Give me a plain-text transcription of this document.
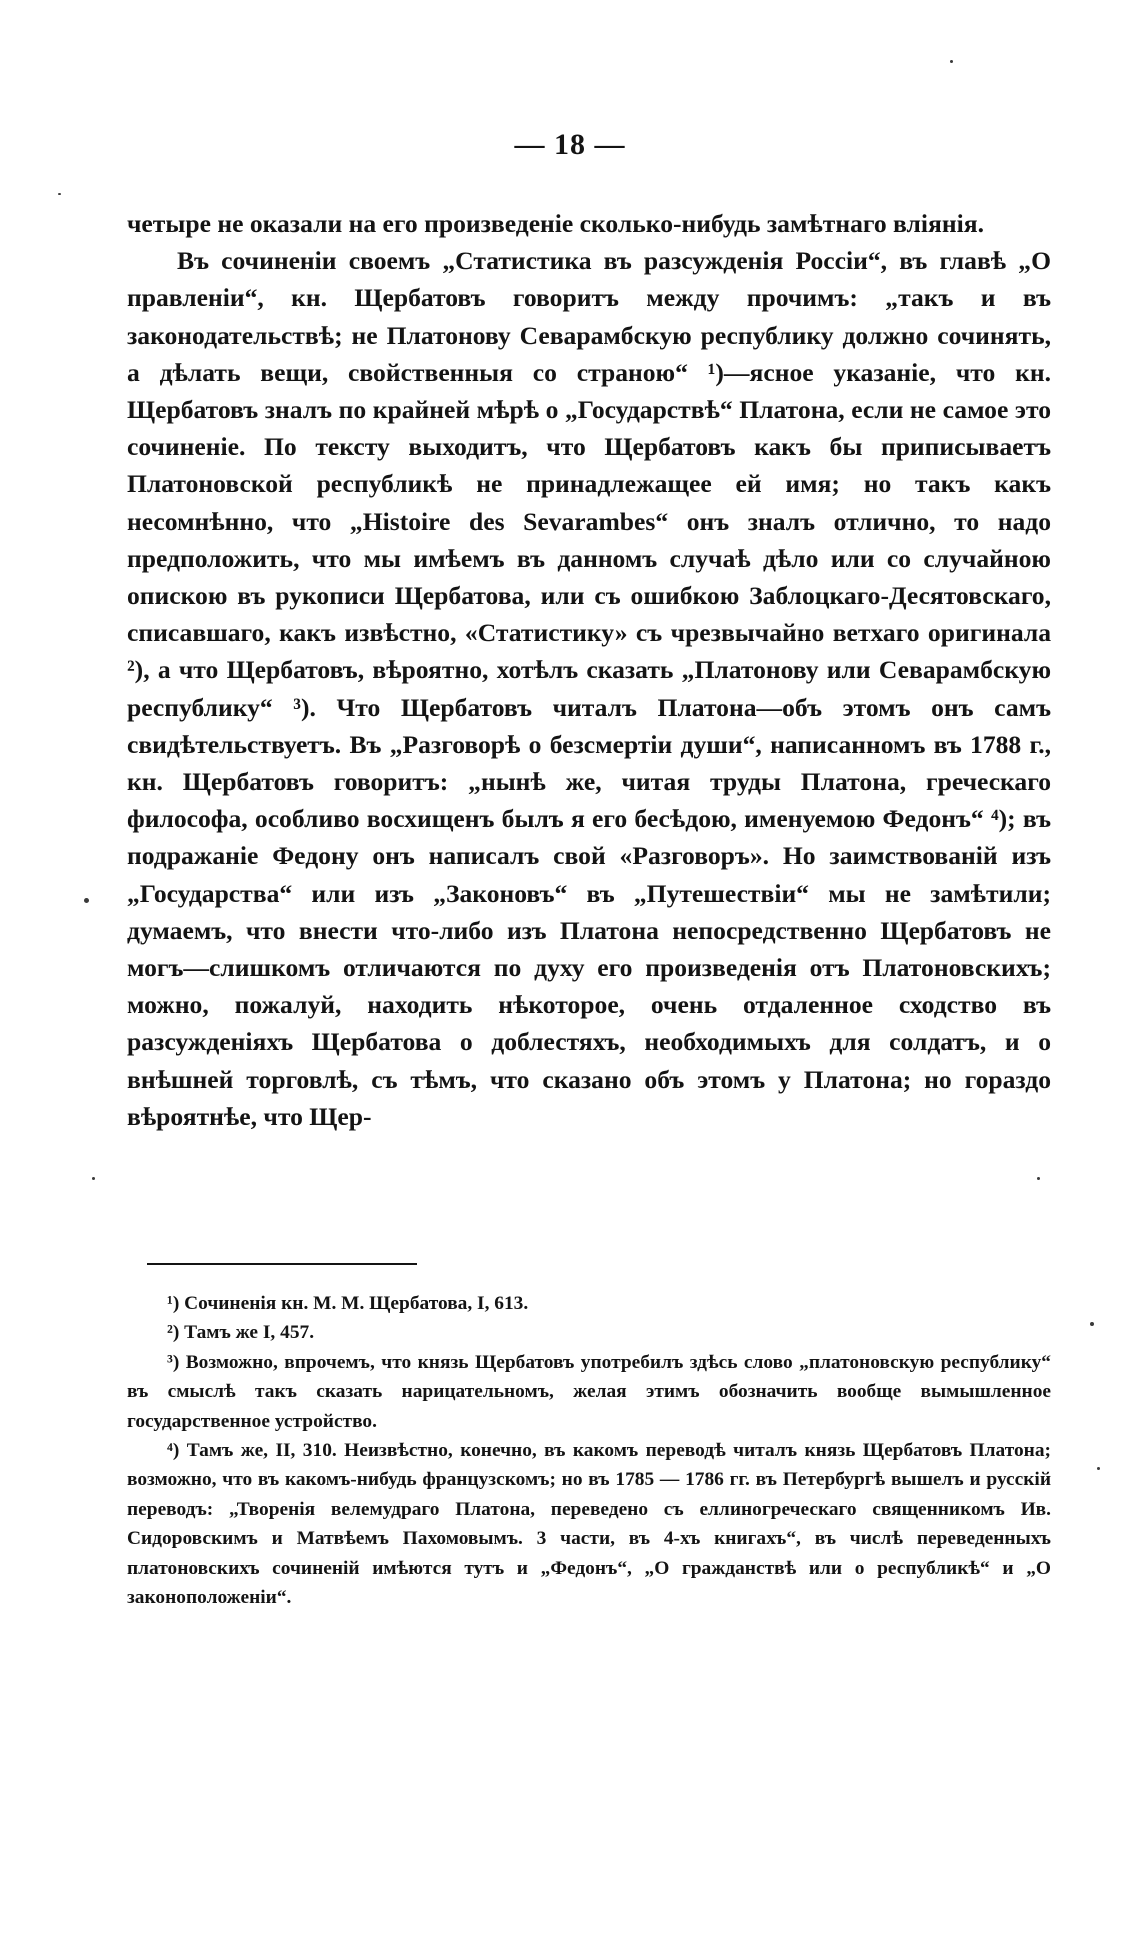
— 18 —

четыре не оказали на его произведеніе сколько-нибудь замѣтнаго вліянія.

Въ сочиненіи своемъ „Статистика въ разсужденія Россіи“, въ главѣ „О правленіи“, кн. Щербатовъ говоритъ между прочимъ: „такъ и въ законодательствѣ; не Платонову Севарамбскую республику должно сочинять, а дѣлать вещи, свойственныя со страною“ ¹)—ясное указаніе, что кн. Щербатовъ зналъ по крайней мѣрѣ о „Государствѣ“ Платона, если не самое это сочиненіе. По тексту выходитъ, что Щербатовъ какъ бы приписываетъ Платоновской республикѣ не принадлежащее ей имя; но такъ какъ несомнѣнно, что „Histoire des Sevarambes“ онъ зналъ отлично, то надо предположить, что мы имѣемъ въ данномъ случаѣ дѣло или со случайною опискою въ рукописи Щербатова, или съ ошибкою Заблоцкаго-Десятовскаго, списавшаго, какъ извѣстно, «Статистику» съ чрезвычайно ветхаго оригинала ²), а что Щербатовъ, вѣроятно, хотѣлъ сказать „Платонову или Севарамбскую республику“ ³). Что Щербатовъ читалъ Платона—объ этомъ онъ самъ свидѣтельствуетъ. Въ „Разговорѣ о безсмертіи души“, написанномъ въ 1788 г., кн. Щербатовъ говоритъ: „нынѣ же, читая труды Платона, греческаго философа, особливо восхищенъ былъ я его бесѣдою, именуемою Федонъ“ ⁴); въ подражаніе Федону онъ написалъ свой «Разговоръ». Но заимствованій изъ „Государства“ или изъ „Законовъ“ въ „Путешествіи“ мы не замѣтили; думаемъ, что внести что-либо изъ Платона непосредственно Щербатовъ не могъ—слишкомъ отличаются по духу его произведенія отъ Платоновскихъ; можно, пожалуй, находить нѣкоторое, очень отдаленное сходство въ разсужденіяхъ Щербатова о доблестяхъ, необходимыхъ для солдатъ, и о внѣшней торговлѣ, съ тѣмъ, что сказано объ этомъ у Платона; но гораздо вѣроятнѣе, что Щер-

¹) Сочиненія кн. М. М. Щербатова, I, 613.

²) Тамъ же I, 457.

³) Возможно, впрочемъ, что князь Щербатовъ употребилъ здѣсь слово „платоновскую республику“ въ смыслѣ такъ сказать нарицательномъ, желая этимъ обозначить вообще вымышленное государственное устройство.

⁴) Тамъ же, II, 310. Неизвѣстно, конечно, въ какомъ переводѣ читалъ князь Щербатовъ Платона; возможно, что въ какомъ-нибудь французскомъ; но въ 1785 — 1786 гг. въ Петербургѣ вышелъ и русскій переводъ: „Творенія велемудраго Платона, переведено съ еллиногреческаго священникомъ Ив. Сидоровскимъ и Матвѣемъ Пахомовымъ. 3 части, въ 4-хъ книгахъ“, въ числѣ переведенныхъ платоновскихъ сочиненій имѣются тутъ и „Федонъ“, „О гражданствѣ или о республикѣ“ и „О законоположеніи“.
